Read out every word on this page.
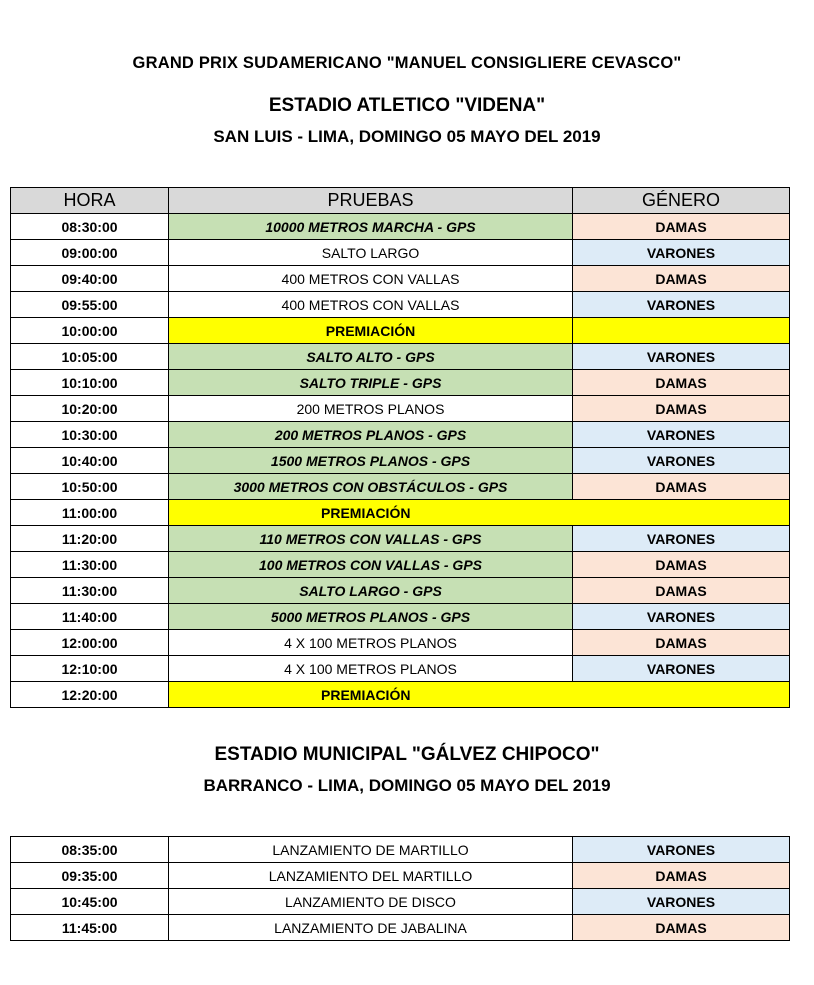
GRAND PRIX SUDAMERICANO "MANUEL CONSIGLIERE CEVASCO"
ESTADIO ATLETICO "VIDENA"
SAN LUIS - LIMA, DOMINGO 05 MAYO DEL 2019
HORA	PRUEBAS	GÉNERO
08:30:00	10000 METROS MARCHA - GPS	DAMAS
09:00:00	SALTO LARGO	VARONES
09:40:00	400 METROS CON VALLAS	DAMAS
09:55:00	400 METROS CON VALLAS	VARONES
10:00:00	PREMIACIÓN	
10:05:00	SALTO ALTO - GPS	VARONES
10:10:00	SALTO TRIPLE - GPS	DAMAS
10:20:00	200 METROS PLANOS	DAMAS
10:30:00	200 METROS PLANOS - GPS	VARONES
10:40:00	1500 METROS PLANOS - GPS	VARONES
10:50:00	3000 METROS CON OBSTÁCULOS - GPS	DAMAS
11:00:00	PREMIACIÓN	
11:20:00	110 METROS CON VALLAS - GPS	VARONES
11:30:00	100 METROS CON VALLAS - GPS	DAMAS
11:30:00	SALTO LARGO - GPS	DAMAS
11:40:00	5000 METROS PLANOS - GPS	VARONES
12:00:00	4 X 100 METROS PLANOS	DAMAS
12:10:00	4 X 100 METROS PLANOS	VARONES
12:20:00	PREMIACIÓN	
ESTADIO MUNICIPAL "GÁLVEZ CHIPOCO"
BARRANCO - LIMA, DOMINGO 05 MAYO DEL 2019
08:35:00	LANZAMIENTO DE MARTILLO	VARONES
09:35:00	LANZAMIENTO DEL MARTILLO	DAMAS
10:45:00	LANZAMIENTO DE DISCO	VARONES
11:45:00	LANZAMIENTO DE JABALINA	DAMAS
